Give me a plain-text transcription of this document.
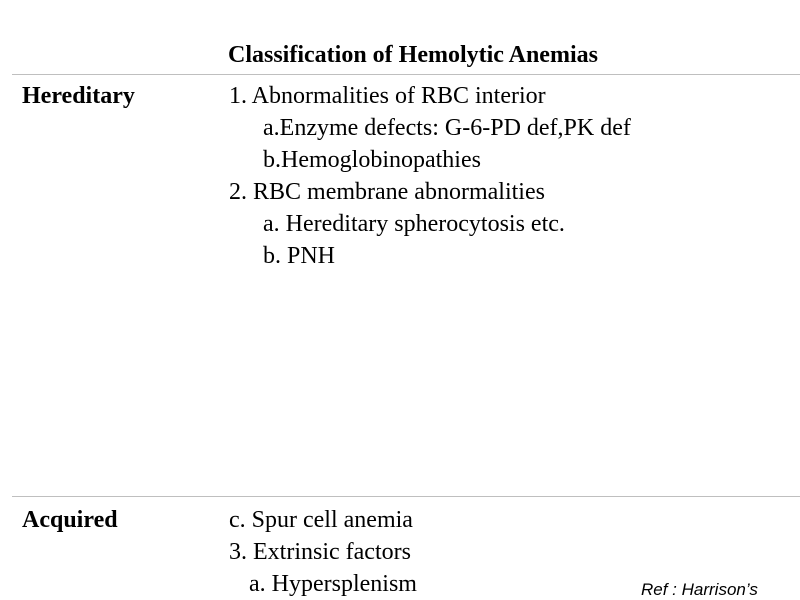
Classification of Hemolytic Anemias
Hereditary	1. Abnormalities of RBC interior
a.Enzyme defects: G-6-PD def,PK def
b.Hemoglobinopathies
2. RBC membrane abnormalities
a. Hereditary spherocytosis etc.
b. PNH
Acquired	c. Spur cell anemia
3. Extrinsic factors
a. Hypersplenism	Ref : Harrison’s
